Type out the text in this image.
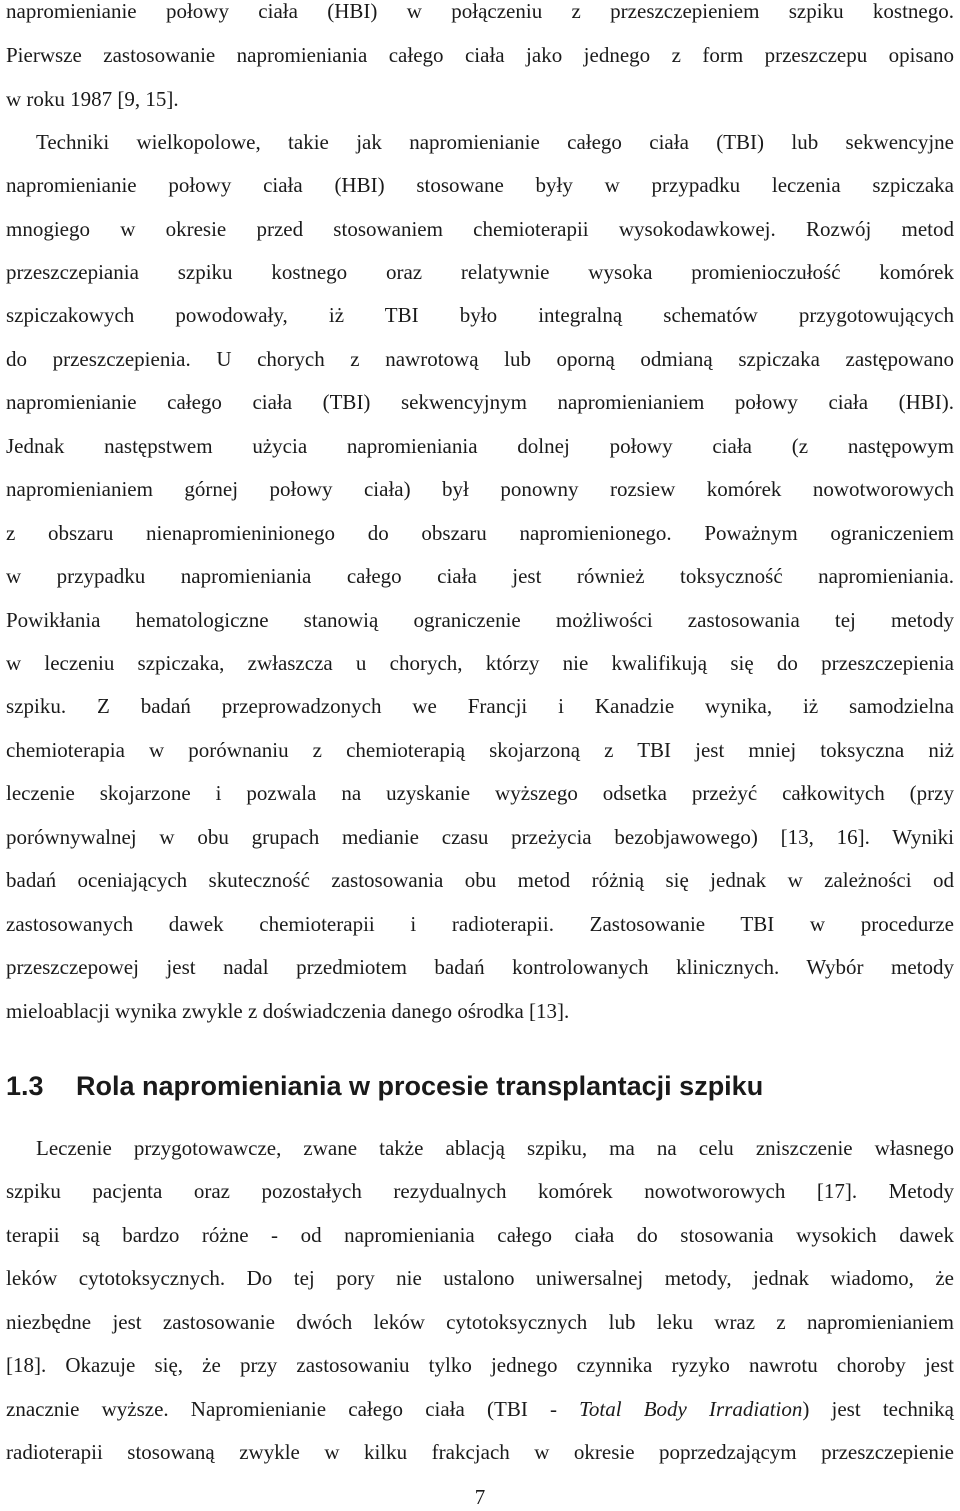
napromienianie połowy ciała (HBI) w połączeniu z przeszczepieniem szpiku kostnego.
Pierwsze zastosowanie napromieniania całego ciała jako jednego z form przeszczepu opisano
w roku 1987 [9, 15].
Techniki wielkopolowe, takie jak napromienianie całego ciała (TBI) lub sekwencyjne
napromienianie połowy ciała (HBI) stosowane były w przypadku leczenia szpiczaka
mnogiego w okresie przed stosowaniem chemioterapii wysokodawkowej. Rozwój metod
przeszczepiania szpiku kostnego oraz relatywnie wysoka promienioczułość komórek
szpiczakowych powodowały, iż TBI było integralną schematów przygotowujących
do przeszczepienia. U chorych z nawrotową lub oporną odmianą szpiczaka zastępowano
napromienianie całego ciała (TBI) sekwencyjnym napromienianiem połowy ciała (HBI).
Jednak następstwem użycia napromieniania dolnej połowy ciała (z następowym
napromienianiem górnej połowy ciała) był ponowny rozsiew komórek nowotworowych
z obszaru nienapromieninionego do obszaru napromienionego. Poważnym ograniczeniem
w przypadku napromieniania całego ciała jest również toksyczność napromieniania.
Powikłania hematologiczne stanowią ograniczenie możliwości zastosowania tej metody
w leczeniu szpiczaka, zwłaszcza u chorych, którzy nie kwalifikują się do przeszczepienia
szpiku. Z badań przeprowadzonych we Francji i Kanadzie wynika, iż samodzielna
chemioterapia w porównaniu z chemioterapią skojarzoną z TBI jest mniej toksyczna niż
leczenie skojarzone i pozwala na uzyskanie wyższego odsetka przeżyć całkowitych (przy
porównywalnej w obu grupach medianie czasu przeżycia bezobjawowego) [13, 16]. Wyniki
badań oceniających skuteczność zastosowania obu metod różnią się jednak w zależności od
zastosowanych dawek chemioterapii i radioterapii. Zastosowanie TBI w procedurze
przeszczepowej jest nadal przedmiotem badań kontrolowanych klinicznych. Wybór metody
mieloablacji wynika zwykle z doświadczenia danego ośrodka [13].
1.3 Rola napromieniania w procesie transplantacji szpiku
Leczenie przygotowawcze, zwane także ablacją szpiku, ma na celu zniszczenie własnego
szpiku pacjenta oraz pozostałych rezydualnych komórek nowotworowych [17]. Metody
terapii są bardzo różne - od napromieniania całego ciała do stosowania wysokich dawek
leków cytotoksycznych. Do tej pory nie ustalono uniwersalnej metody, jednak wiadomo, że
niezbędne jest zastosowanie dwóch leków cytotoksycznych lub leku wraz z napromienianiem
[18]. Okazuje się, że przy zastosowaniu tylko jednego czynnika ryzyko nawrotu choroby jest
znacznie wyższe. Napromienianie całego ciała (TBI - Total Body Irradiation) jest techniką
radioterapii stosowaną zwykle w kilku frakcjach w okresie poprzedzającym przeszczepienie
7
